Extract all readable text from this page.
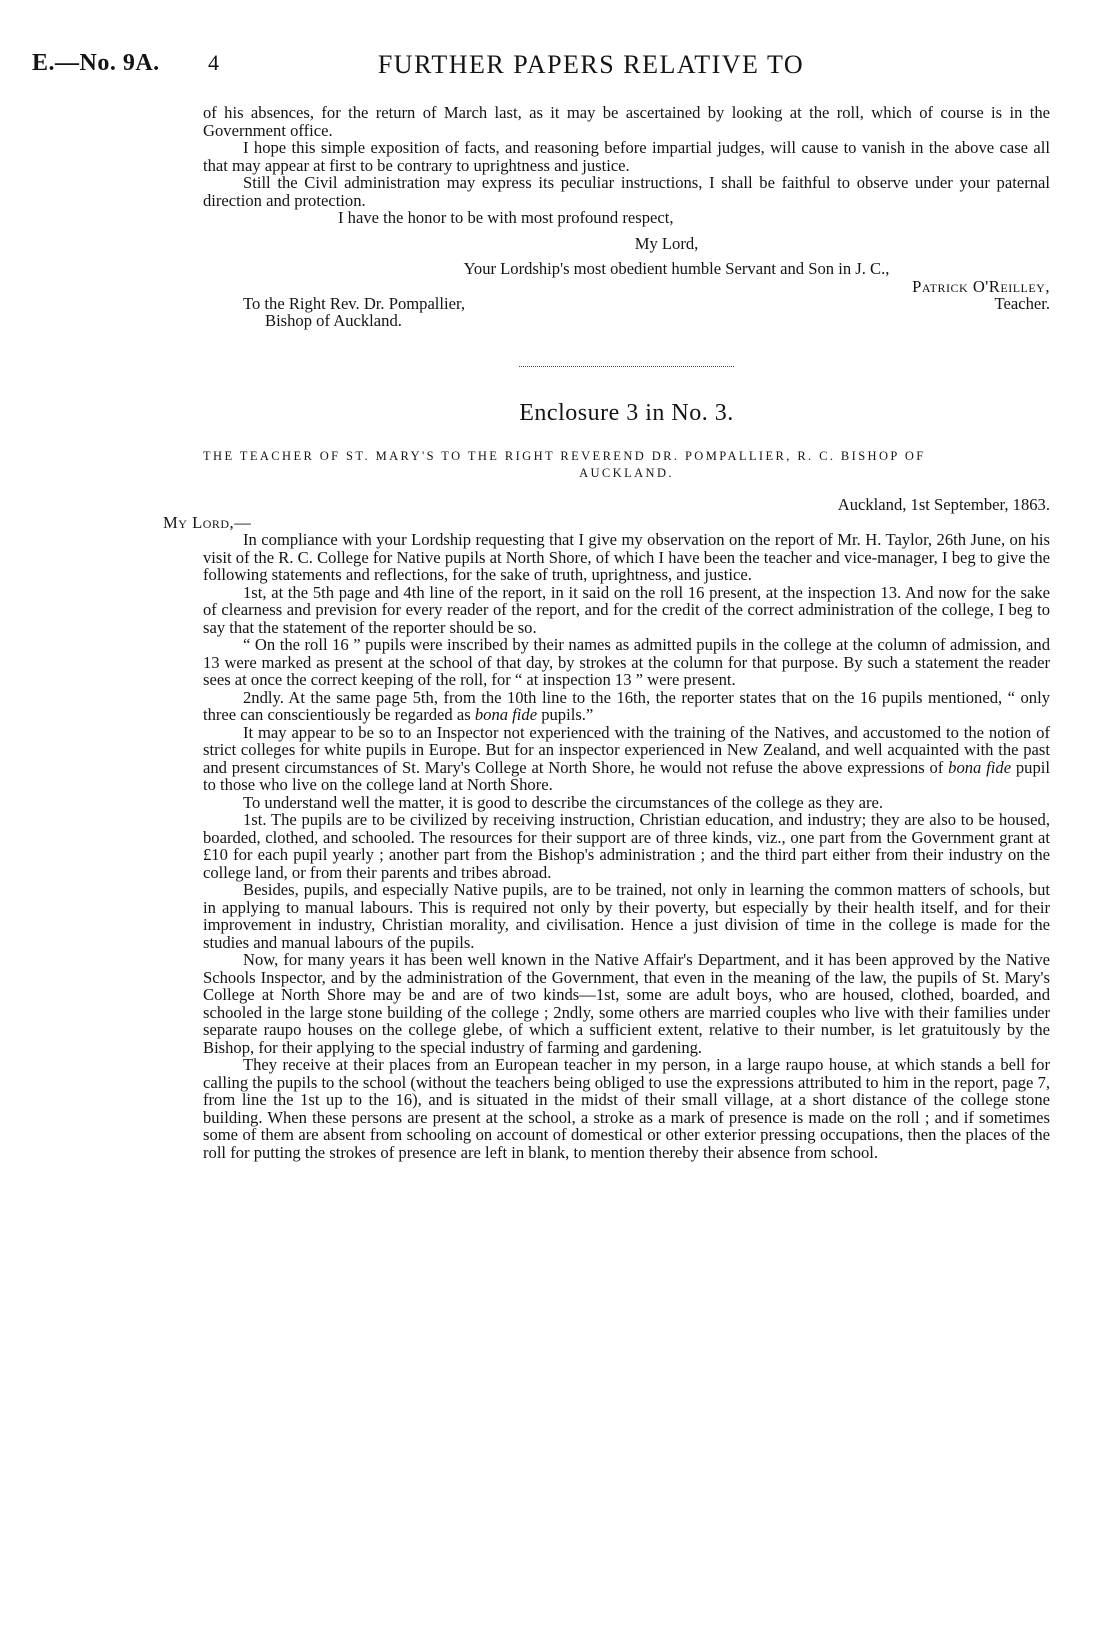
E.—No. 9A. 4	FURTHER PAPERS RELATIVE TO

of his absences, for the return of March last, as it may be ascertained by looking at the roll, which of course is in the Government office.

I hope this simple exposition of facts, and reasoning before impartial judges, will cause to vanish in the above case all that may appear at first to be contrary to uprightness and justice.

Still the Civil administration may express its peculiar instructions, I shall be faithful to observe under your paternal direction and protection.

I have the honor to be with most profound respect,

My Lord,

Your Lordship's most obedient humble Servant and Son in J. C.,

Patrick O'Reilley,

Teacher.

To the Right Rev. Dr. Pompallier,

Bishop of Auckland.

Enclosure 3 in No. 3.

THE TEACHER OF ST. MARY'S TO THE RIGHT REVEREND DR. POMPALLIER, R. C. BISHOP OF

AUCKLAND.

Auckland, 1st September, 1863.

My Lord,—

In compliance with your Lordship requesting that I give my observation on the report of Mr. H. Taylor, 26th June, on his visit of the R. C. College for Native pupils at North Shore, of which I have been the teacher and vice-manager, I beg to give the following statements and reflections, for the sake of truth, uprightness, and justice.

1st, at the 5th page and 4th line of the report, in it said on the roll 16 present, at the inspection 13. And now for the sake of clearness and prevision for every reader of the report, and for the credit of the correct administration of the college, I beg to say that the statement of the reporter should be so.

“ On the roll 16 ” pupils were inscribed by their names as admitted pupils in the college at the column of admission, and 13 were marked as present at the school of that day, by strokes at the column for that purpose. By such a statement the reader sees at once the correct keeping of the roll, for “ at inspection 13 ” were present.

2ndly. At the same page 5th, from the 10th line to the 16th, the reporter states that on the 16 pupils mentioned, “ only three can conscientiously be regarded as bona fide pupils.”

It may appear to be so to an Inspector not experienced with the training of the Natives, and accustomed to the notion of strict colleges for white pupils in Europe. But for an inspector experienced in New Zealand, and well acquainted with the past and present circumstances of St. Mary's College at North Shore, he would not refuse the above expressions of bona fide pupil to those who live on the college land at North Shore.

To understand well the matter, it is good to describe the circumstances of the college as they are.

1st. The pupils are to be civilized by receiving instruction, Christian education, and industry; they are also to be housed, boarded, clothed, and schooled. The resources for their support are of three kinds, viz., one part from the Government grant at £10 for each pupil yearly ; another part from the Bishop's administration ; and the third part either from their industry on the college land, or from their parents and tribes abroad.

Besides, pupils, and especially Native pupils, are to be trained, not only in learning the common matters of schools, but in applying to manual labours. This is required not only by their poverty, but especially by their health itself, and for their improvement in industry, Christian morality, and civilisation. Hence a just division of time in the college is made for the studies and manual labours of the pupils.

Now, for many years it has been well known in the Native Affair's Department, and it has been approved by the Native Schools Inspector, and by the administration of the Government, that even in the meaning of the law, the pupils of St. Mary's College at North Shore may be and are of two kinds—1st, some are adult boys, who are housed, clothed, boarded, and schooled in the large stone building of the college ; 2ndly, some others are married couples who live with their families under separate raupo houses on the college glebe, of which a sufficient extent, relative to their number, is let gratuitously by the Bishop, for their applying to the special industry of farming and gardening.

They receive at their places from an European teacher in my person, in a large raupo house, at which stands a bell for calling the pupils to the school (without the teachers being obliged to use the expressions attributed to him in the report, page 7, from line the 1st up to the 16), and is situated in the midst of their small village, at a short distance of the college stone building. When these persons are present at the school, a stroke as a mark of presence is made on the roll ; and if sometimes some of them are absent from schooling on account of domestical or other exterior pressing occupations, then the places of the roll for putting the strokes of presence are left in blank, to mention thereby their absence from school.
